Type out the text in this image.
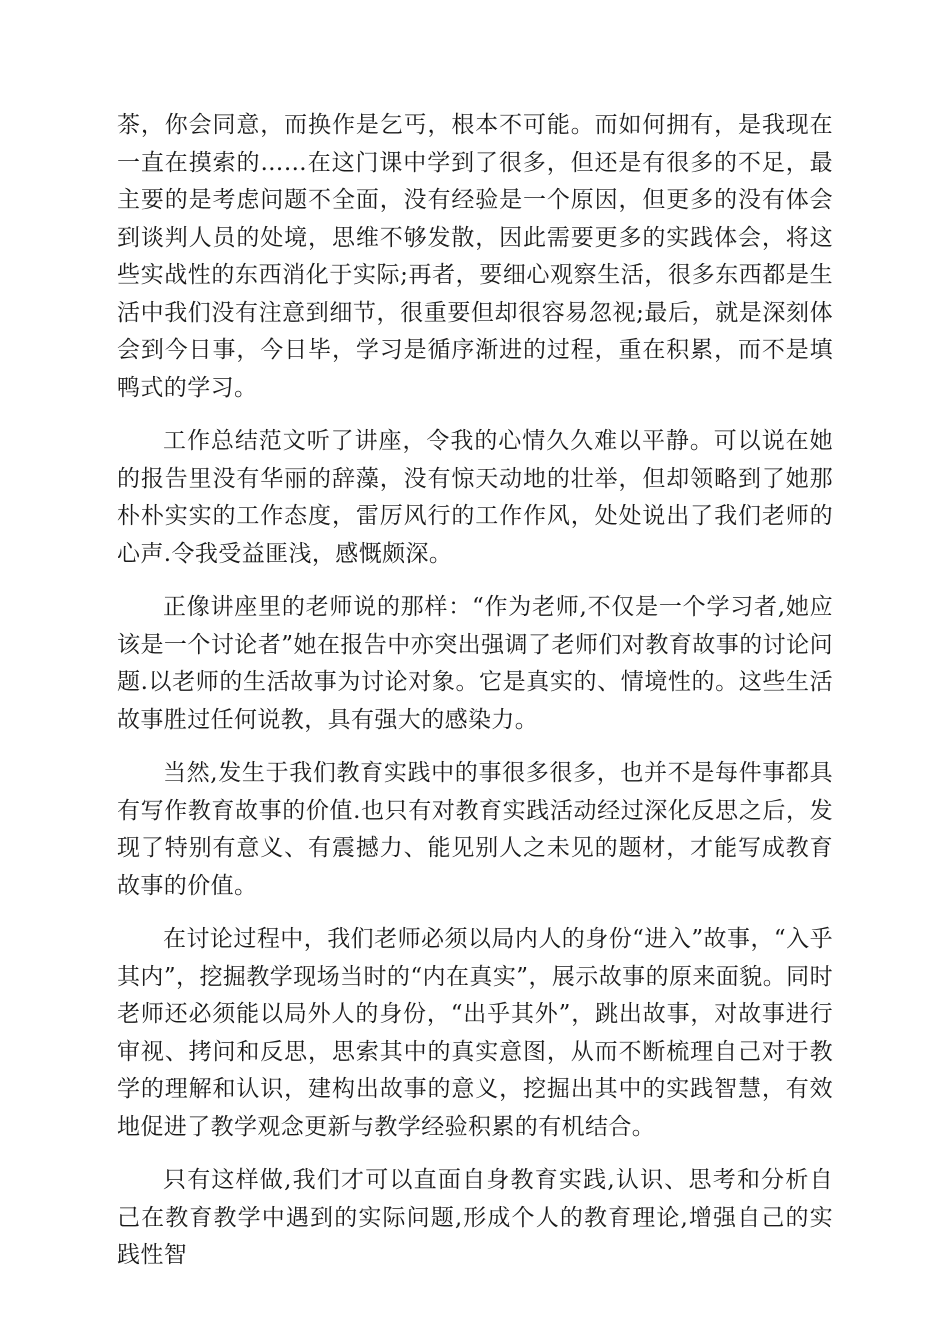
茶，你会同意，而换作是乞丐，根本不可能。而如何拥有，是我现在一直在摸索的……在这门课中学到了很多，但还是有很多的不足，最主要的是考虑问题不全面，没有经验是一个原因，但更多的没有体会到谈判人员的处境，思维不够发散，因此需要更多的实践体会，将这些实战性的东西消化于实际;再者，要细心观察生活，很多东西都是生活中我们没有注意到细节，很重要但却很容易忽视;最后，就是深刻体会到今日事，今日毕，学习是循序渐进的过程，重在积累，而不是填鸭式的学习。

工作总结范文听了讲座，令我的心情久久难以平静。可以说在她的报告里没有华丽的辞藻，没有惊天动地的壮举，但却领略到了她那朴朴实实的工作态度，雷厉风行的工作作风，处处说出了我们老师的心声.令我受益匪浅，感慨颇深。

正像讲座里的老师说的那样：“作为老师,不仅是一个学习者,她应该是一个讨论者”她在报告中亦突出强调了老师们对教育故事的讨论问题.以老师的生活故事为讨论对象。它是真实的、情境性的。这些生活故事胜过任何说教，具有强大的感染力。

当然,发生于我们教育实践中的事很多很多，也并不是每件事都具有写作教育故事的价值.也只有对教育实践活动经过深化反思之后，发现了特别有意义、有震撼力、能见别人之未见的题材，才能写成教育故事的价值。

在讨论过程中，我们老师必须以局内人的身份“进入”故事，“入乎其内”，挖掘教学现场当时的“内在真实”，展示故事的原来面貌。同时老师还必须能以局外人的身份，“出乎其外”，跳出故事，对故事进行审视、拷问和反思，思索其中的真实意图，从而不断梳理自己对于教学的理解和认识，建构出故事的意义，挖掘出其中的实践智慧，有效地促进了教学观念更新与教学经验积累的有机结合。

只有这样做,我们才可以直面自身教育实践,认识、思考和分析自己在教育教学中遇到的实际问题,形成个人的教育理论,增强自己的实践性智
